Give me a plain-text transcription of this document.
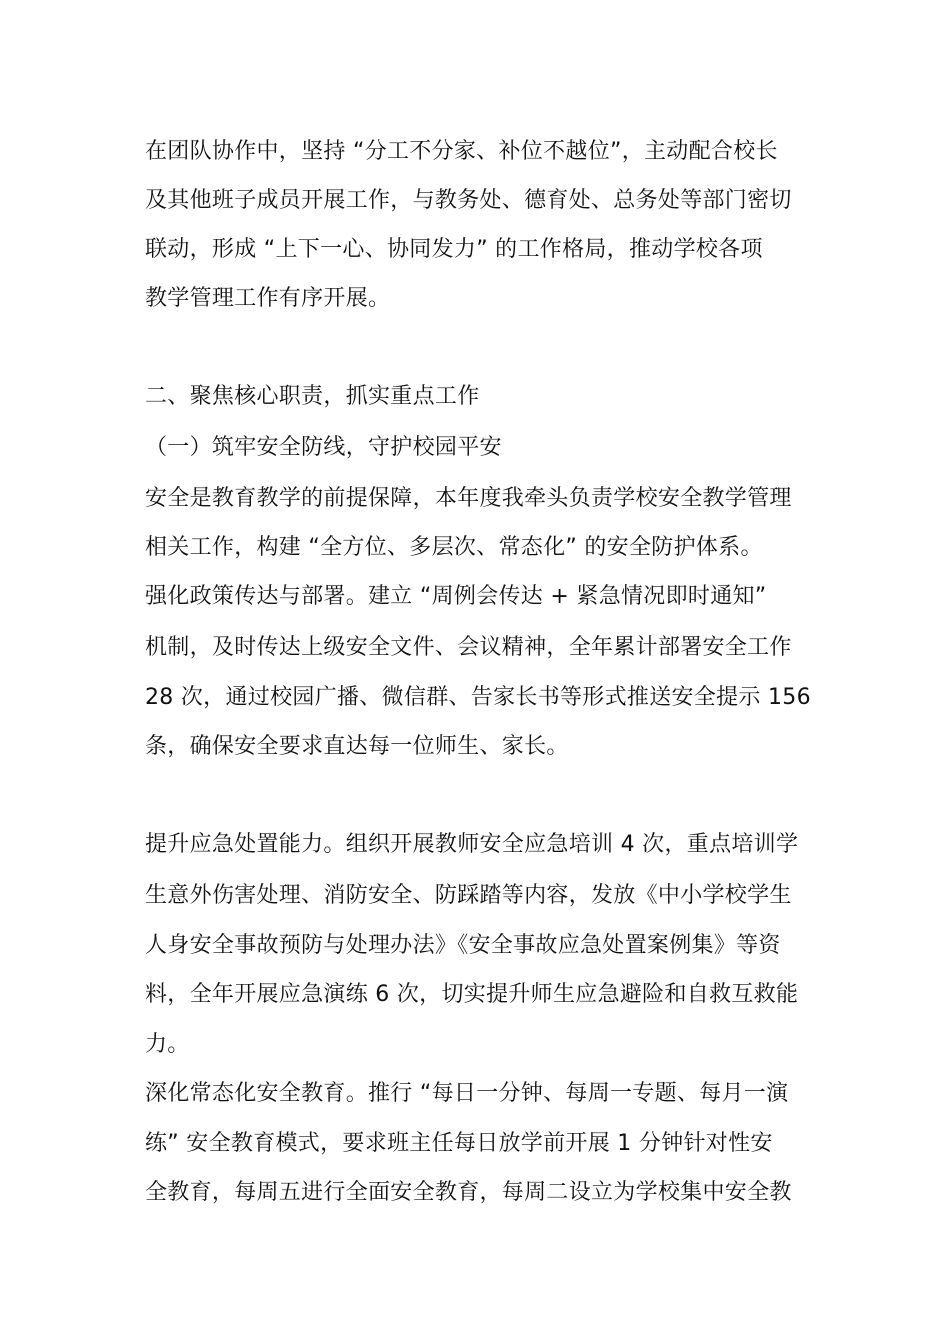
在团队协作中，坚持 “分工不分家、补位不越位”，主动配合校长
及其他班子成员开展工作，与教务处、德育处、总务处等部门密切
联动，形成 “上下一心、协同发力” 的工作格局，推动学校各项
教学管理工作有序开展。
二、聚焦核心职责，抓实重点工作
（一）筑牢安全防线，守护校园平安
安全是教育教学的前提保障，本年度我牵头负责学校安全教学管理
相关工作，构建 “全方位、多层次、常态化” 的安全防护体系。
强化政策传达与部署。建立 “周例会传达 + 紧急情况即时通知”
机制，及时传达上级安全文件、会议精神，全年累计部署安全工作
28 次，通过校园广播、微信群、告家长书等形式推送安全提示 156
条，确保安全要求直达每一位师生、家长。
提升应急处置能力。组织开展教师安全应急培训 4 次，重点培训学
生意外伤害处理、消防安全、防踩踏等内容，发放《中小学校学生
人身安全事故预防与处理办法》《安全事故应急处置案例集》等资
料，全年开展应急演练 6 次，切实提升师生应急避险和自救互救能
力。
深化常态化安全教育。推行 “每日一分钟、每周一专题、每月一演
练” 安全教育模式，要求班主任每日放学前开展 1 分钟针对性安
全教育，每周五进行全面安全教育，每周二设立为学校集中安全教
